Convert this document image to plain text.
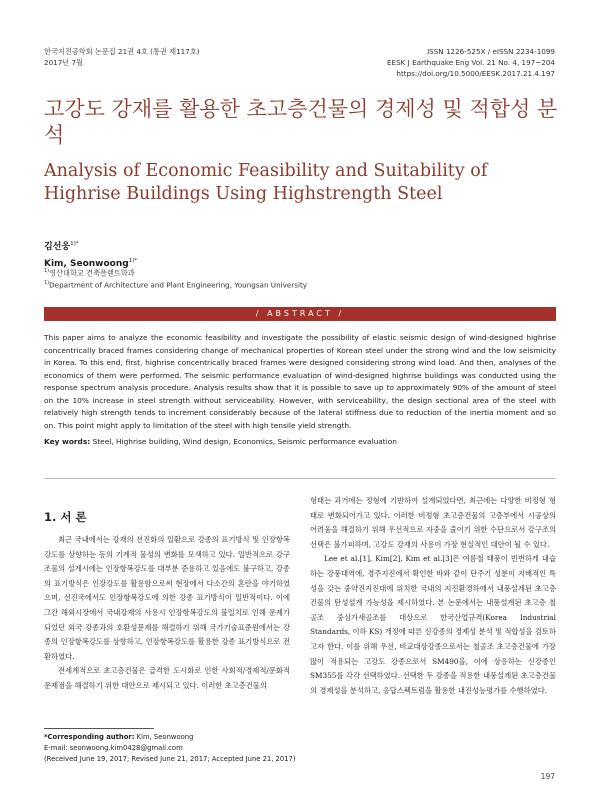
한국지진공학회 논문집 21권 4호 (통권 제117호)
2017년 7월
ISSN 1226-525X / eISSN 2234-1099
EESK J Earthquake Eng Vol. 21 No. 4, 197~204
https://doi.org/10.5000/EESK.2017.21.4.197
고강도 강재를 활용한 초고층건물의 경제성 및 적합성 분석
Analysis of Economic Feasibility and Suitability of Highrise Buildings Using Highstrength Steel
김선웅$^{1)*}$
Kim, Seonwoong$^{1)*}$
$^{1)}$영산대학교 건축플랜트학과
$^{1)}$Department of Architecture and Plant Engineering, Youngsan University
/ ABSTRACT /
This paper aims to analyze the economic feasibility and investigate the possibility of elastic seismic design of wind-designed highrise concentrically braced frames considering change of mechanical properties of Korean steel under the strong wind and the low seismicity in Korea. To this end, first, highrise concentrically braced frames were designed considering strong wind load. And then, analyses of the economics of them were performed. The seismic performance evaluation of wind-designed highrise buildings was conducted using the response spectrum analysis procedure. Analysis results show that it is possible to save up to approximately 90% of the amount of steel on the 10% increase in steel strength without serviceability. However, with serviceability, the design sectional area of the steel with relatively high strength tends to increment considerably because of the lateral stiffness due to reduction of the inertia moment and so on. This point might apply to limitation of the steel with high tensile yield strength.
Key words: Steel, Highrise building, Wind design, Economics, Seismic performance evaluation
1. 서 론

최근 국내에서는 강재의 선진화의 일환으로 강종의 표기방식 및 인장항복강도를 상향하는 등의 기계적 물성의 변화를 모색하고 있다. 일반적으로 강구조물의 설계시에는 인장항복강도를 대부분 준용하고 있음에도 불구하고, 강종의 표기방식은 인장강도를 활용함으로써 현장에서 다소간의 혼란을 야기하였으며, 선진국에서도 인장항복강도에 의한 강종 표기방식이 일반적이다. 이에 그간 해외시장에서 국내강재의 사용시 인장항복강도의 불일치로 인해 문제가 되었던 외국 강종과의 호환성문제를 해결하기 위해 국가기술표준원에서는 강종의 인장항복강도를 상향하고, 인장항복강도를 활용한 강종 표기방식으로 전환하였다.

전세계적으로 초고층건물은 급격한 도시화로 인한 사회적/경제적/문화적 문제점을 해결하기 위한 대안으로 제시되고 있다. 이러한 초고층건물의

형태는 과거에는 정형에 기반하여 설계되었다면, 최근에는 다양한 비정형 형태로 변화되어가고 있다. 이러한 비정형 초고층건물의 고층부에서 시공상의 어려움을 해결하기 위해 우선적으로 자중을 줄이기 위한 수단으로서 강구조의 선택은 불가피하며, 고강도 강재의 사용이 가장 현실적인 대안이 될 수 있다.

Lee et al.[1], Kim[2], Kim et al.[3]은 여름철 태풍이 빈번하게 내습하는 강풍대역에, 경주지진에서 확인한 바와 같이 단주기 성분이 지배적인 특성을 갖는 중약진지진대에 위치한 국내의 지진환경하에서 내풍설계된 초고층건물의 탄성설계 가능성을 제시하였다. 본 논문에서는 내풍설계된 초고층 철골조 중심가새골조를 대상으로 한국산업규격(Korea Industrial Standards, 이하 KS) 개정에 따른 신강종의 경제성 분석 및 적합성을 검토하고자 한다. 이를 위해 우선, 비교대상강종으로서는 철골조 초고층건물에 가장 많이 적용되는 고강도 강종으로서 SM490을, 이에 상응하는 신강종인 SM355를 각각 선택하였다. 선택한 두 강종을 적용한 내풍설계된 초고층건물의 경제성을 분석하고, 응답스펙트럼을 활용한 내진성능평가를 수행하였다.

*Corresponding author: Kim, Seonwoong
E-mail: seonwoong.kim0428@gmail.com
(Received June 19, 2017; Revised June 21, 2017; Accepted June 21, 2017)
197
